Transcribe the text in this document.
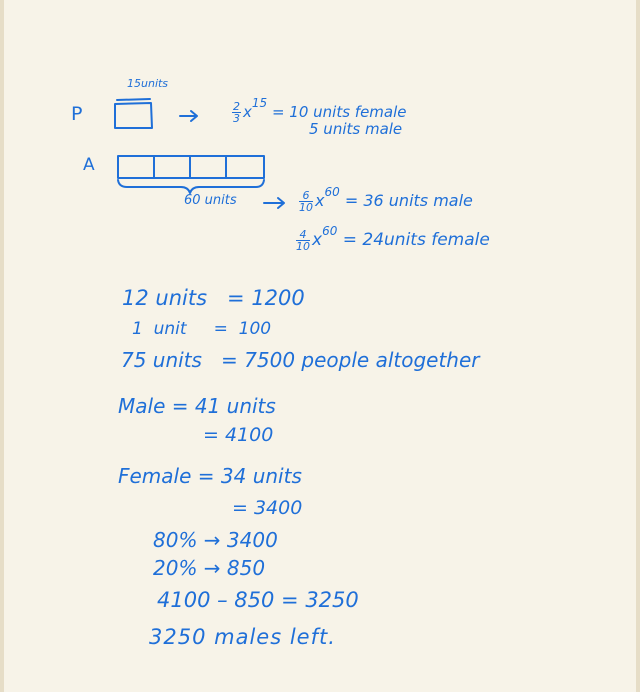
15units
P
A
$\frac{2}{3} x^{15} = 10$ units female
5 units male
60 units	$\frac{6}{10} x^{60} = 36$ units male
$\frac{4}{10} x^{60}$ = 24units female
12 units   = 1200
1  unit     =  100
75 units   = 7500 people altogether
Male = 41 units
= 4100
Female = 34 units
= 3400
80% → 3400
20% → 850
4100 – 850 = 3250
3250 males left.
